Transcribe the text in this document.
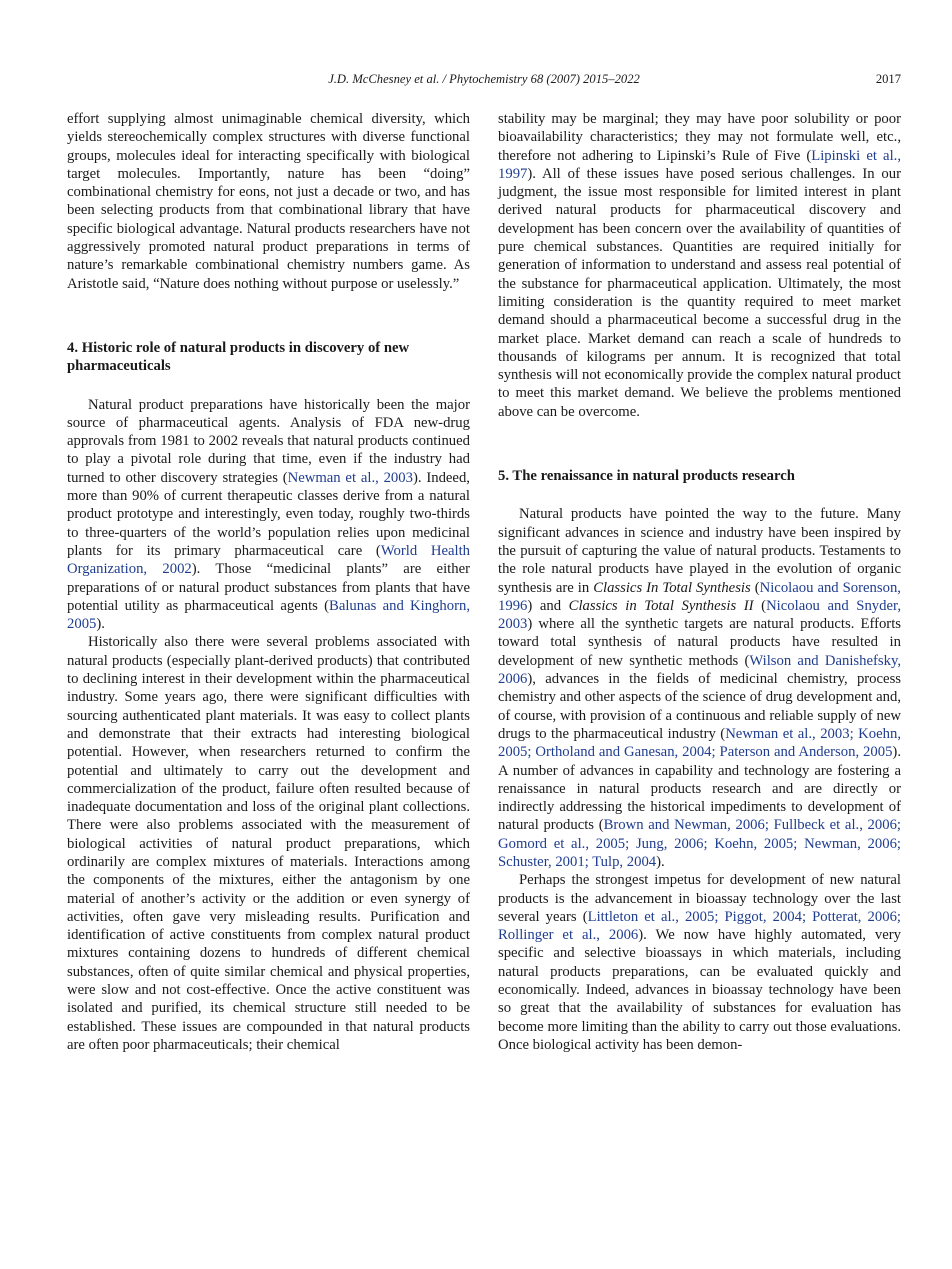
J.D. McChesney et al. / Phytochemistry 68 (2007) 2015–2022	2017

effort supplying almost unimaginable chemical diversity, which yields stereochemically complex structures with diverse functional groups, molecules ideal for interacting specifically with biological target molecules. Importantly, nature has been “doing” combinational chemistry for eons, not just a decade or two, and has been selecting products from that combinational library that have specific biological advantage. Natural products researchers have not aggressively promoted natural product preparations in terms of nature’s remarkable combinational chemistry numbers game. As Aristotle said, “Nature does nothing without purpose or uselessly.”

4. Historic role of natural products in discovery of new pharmaceuticals

Natural product preparations have historically been the major source of pharmaceutical agents. Analysis of FDA new-drug approvals from 1981 to 2002 reveals that natural products continued to play a pivotal role during that time, even if the industry had turned to other discovery strategies (Newman et al., 2003). Indeed, more than 90% of current therapeutic classes derive from a natural product prototype and interestingly, even today, roughly two-thirds to three-quarters of the world’s population relies upon medicinal plants for its primary pharmaceutical care (World Health Organization, 2002). Those “medicinal plants” are either preparations of or natural product substances from plants that have potential utility as pharmaceutical agents (Balunas and Kinghorn, 2005).

Historically also there were several problems associated with natural products (especially plant-derived products) that contributed to declining interest in their development within the pharmaceutical industry. Some years ago, there were significant difficulties with sourcing authenticated plant materials. It was easy to collect plants and demonstrate that their extracts had interesting biological potential. However, when researchers returned to confirm the potential and ultimately to carry out the development and commercialization of the product, failure often resulted because of inadequate documentation and loss of the original plant collections. There were also problems associated with the measurement of biological activities of natural product preparations, which ordinarily are complex mixtures of materials. Interactions among the components of the mixtures, either the antagonism by one material of another’s activity or the addition or even synergy of activities, often gave very misleading results. Purification and identification of active constituents from complex natural product mixtures containing dozens to hundreds of different chemical substances, often of quite similar chemical and physical properties, were slow and not cost-effective. Once the active constituent was isolated and purified, its chemical structure still needed to be established. These issues are compounded in that natural products are often poor pharmaceuticals; their chemical

stability may be marginal; they may have poor solubility or poor bioavailability characteristics; they may not formulate well, etc., therefore not adhering to Lipinski’s Rule of Five (Lipinski et al., 1997). All of these issues have posed serious challenges. In our judgment, the issue most responsible for limited interest in plant derived natural products for pharmaceutical discovery and development has been concern over the availability of quantities of pure chemical substances. Quantities are required initially for generation of information to understand and assess real potential of the substance for pharmaceutical application. Ultimately, the most limiting consideration is the quantity required to meet market demand should a pharmaceutical become a successful drug in the market place. Market demand can reach a scale of hundreds to thousands of kilograms per annum. It is recognized that total synthesis will not economically provide the complex natural product to meet this market demand. We believe the problems mentioned above can be overcome.

5. The renaissance in natural products research

Natural products have pointed the way to the future. Many significant advances in science and industry have been inspired by the pursuit of capturing the value of natural products. Testaments to the role natural products have played in the evolution of organic synthesis are in Classics In Total Synthesis (Nicolaou and Sorenson, 1996) and Classics in Total Synthesis II (Nicolaou and Snyder, 2003) where all the synthetic targets are natural products. Efforts toward total synthesis of natural products have resulted in development of new synthetic methods (Wilson and Danishefsky, 2006), advances in the fields of medicinal chemistry, process chemistry and other aspects of the science of drug development and, of course, with provision of a continuous and reliable supply of new drugs to the pharmaceutical industry (Newman et al., 2003; Koehn, 2005; Ortholand and Ganesan, 2004; Paterson and Anderson, 2005). A number of advances in capability and technology are fostering a renaissance in natural products research and are directly or indirectly addressing the historical impediments to development of natural products (Brown and Newman, 2006; Fullbeck et al., 2006; Gomord et al., 2005; Jung, 2006; Koehn, 2005; Newman, 2006; Schuster, 2001; Tulp, 2004).

Perhaps the strongest impetus for development of new natural products is the advancement in bioassay technology over the last several years (Littleton et al., 2005; Piggot, 2004; Potterat, 2006; Rollinger et al., 2006). We now have highly automated, very specific and selective bioassays in which materials, including natural products preparations, can be evaluated quickly and economically. Indeed, advances in bioassay technology have been so great that the availability of substances for evaluation has become more limiting than the ability to carry out those evaluations. Once biological activity has been demon-
